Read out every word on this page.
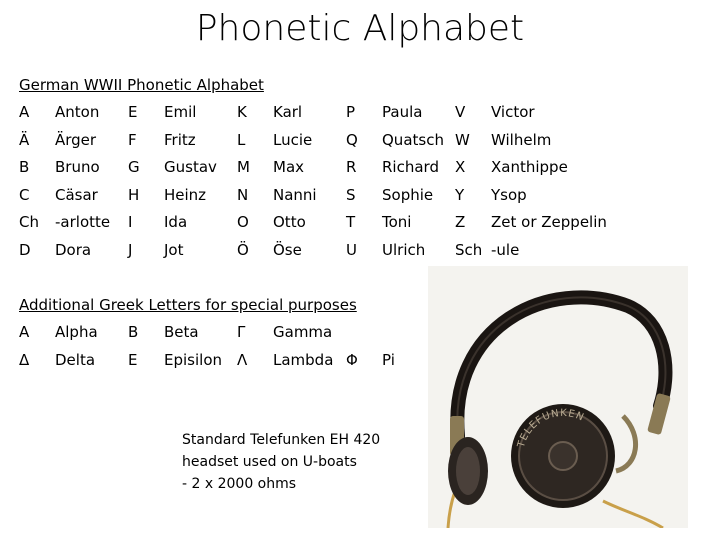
Phonetic Alphabet
German WWII Phonetic Alphabet
A	Anton	E	Emil	K	Karl	P	Paula	V	Victor
Ä	Ärger	F	Fritz	L	Lucie	Q	Quatsch W	Wilhelm
B	Bruno	G	Gustav	M	Max	R	Richard	X	Xanthippe
C	Cäsar	H	Heinz	N	Nanni	S	Sophie	Y	Ysop
Ch	-arlotte	I	Ida	O	Otto	T	Toni	Z	Zet or Zeppelin
D	Dora	J	Jot	Ö	Öse	U	Ulrich	Sch -ule
Additional Greek Letters for special purposes
Α	Alpha	Β	Beta	Γ	Gamma
Δ	Delta	Ε	Episilon Λ	Lambda Φ	Pi
Standard Telefunken EH 420
headset used on U-boats
- 2 x 2000 ohms
TELEFUNKEN
